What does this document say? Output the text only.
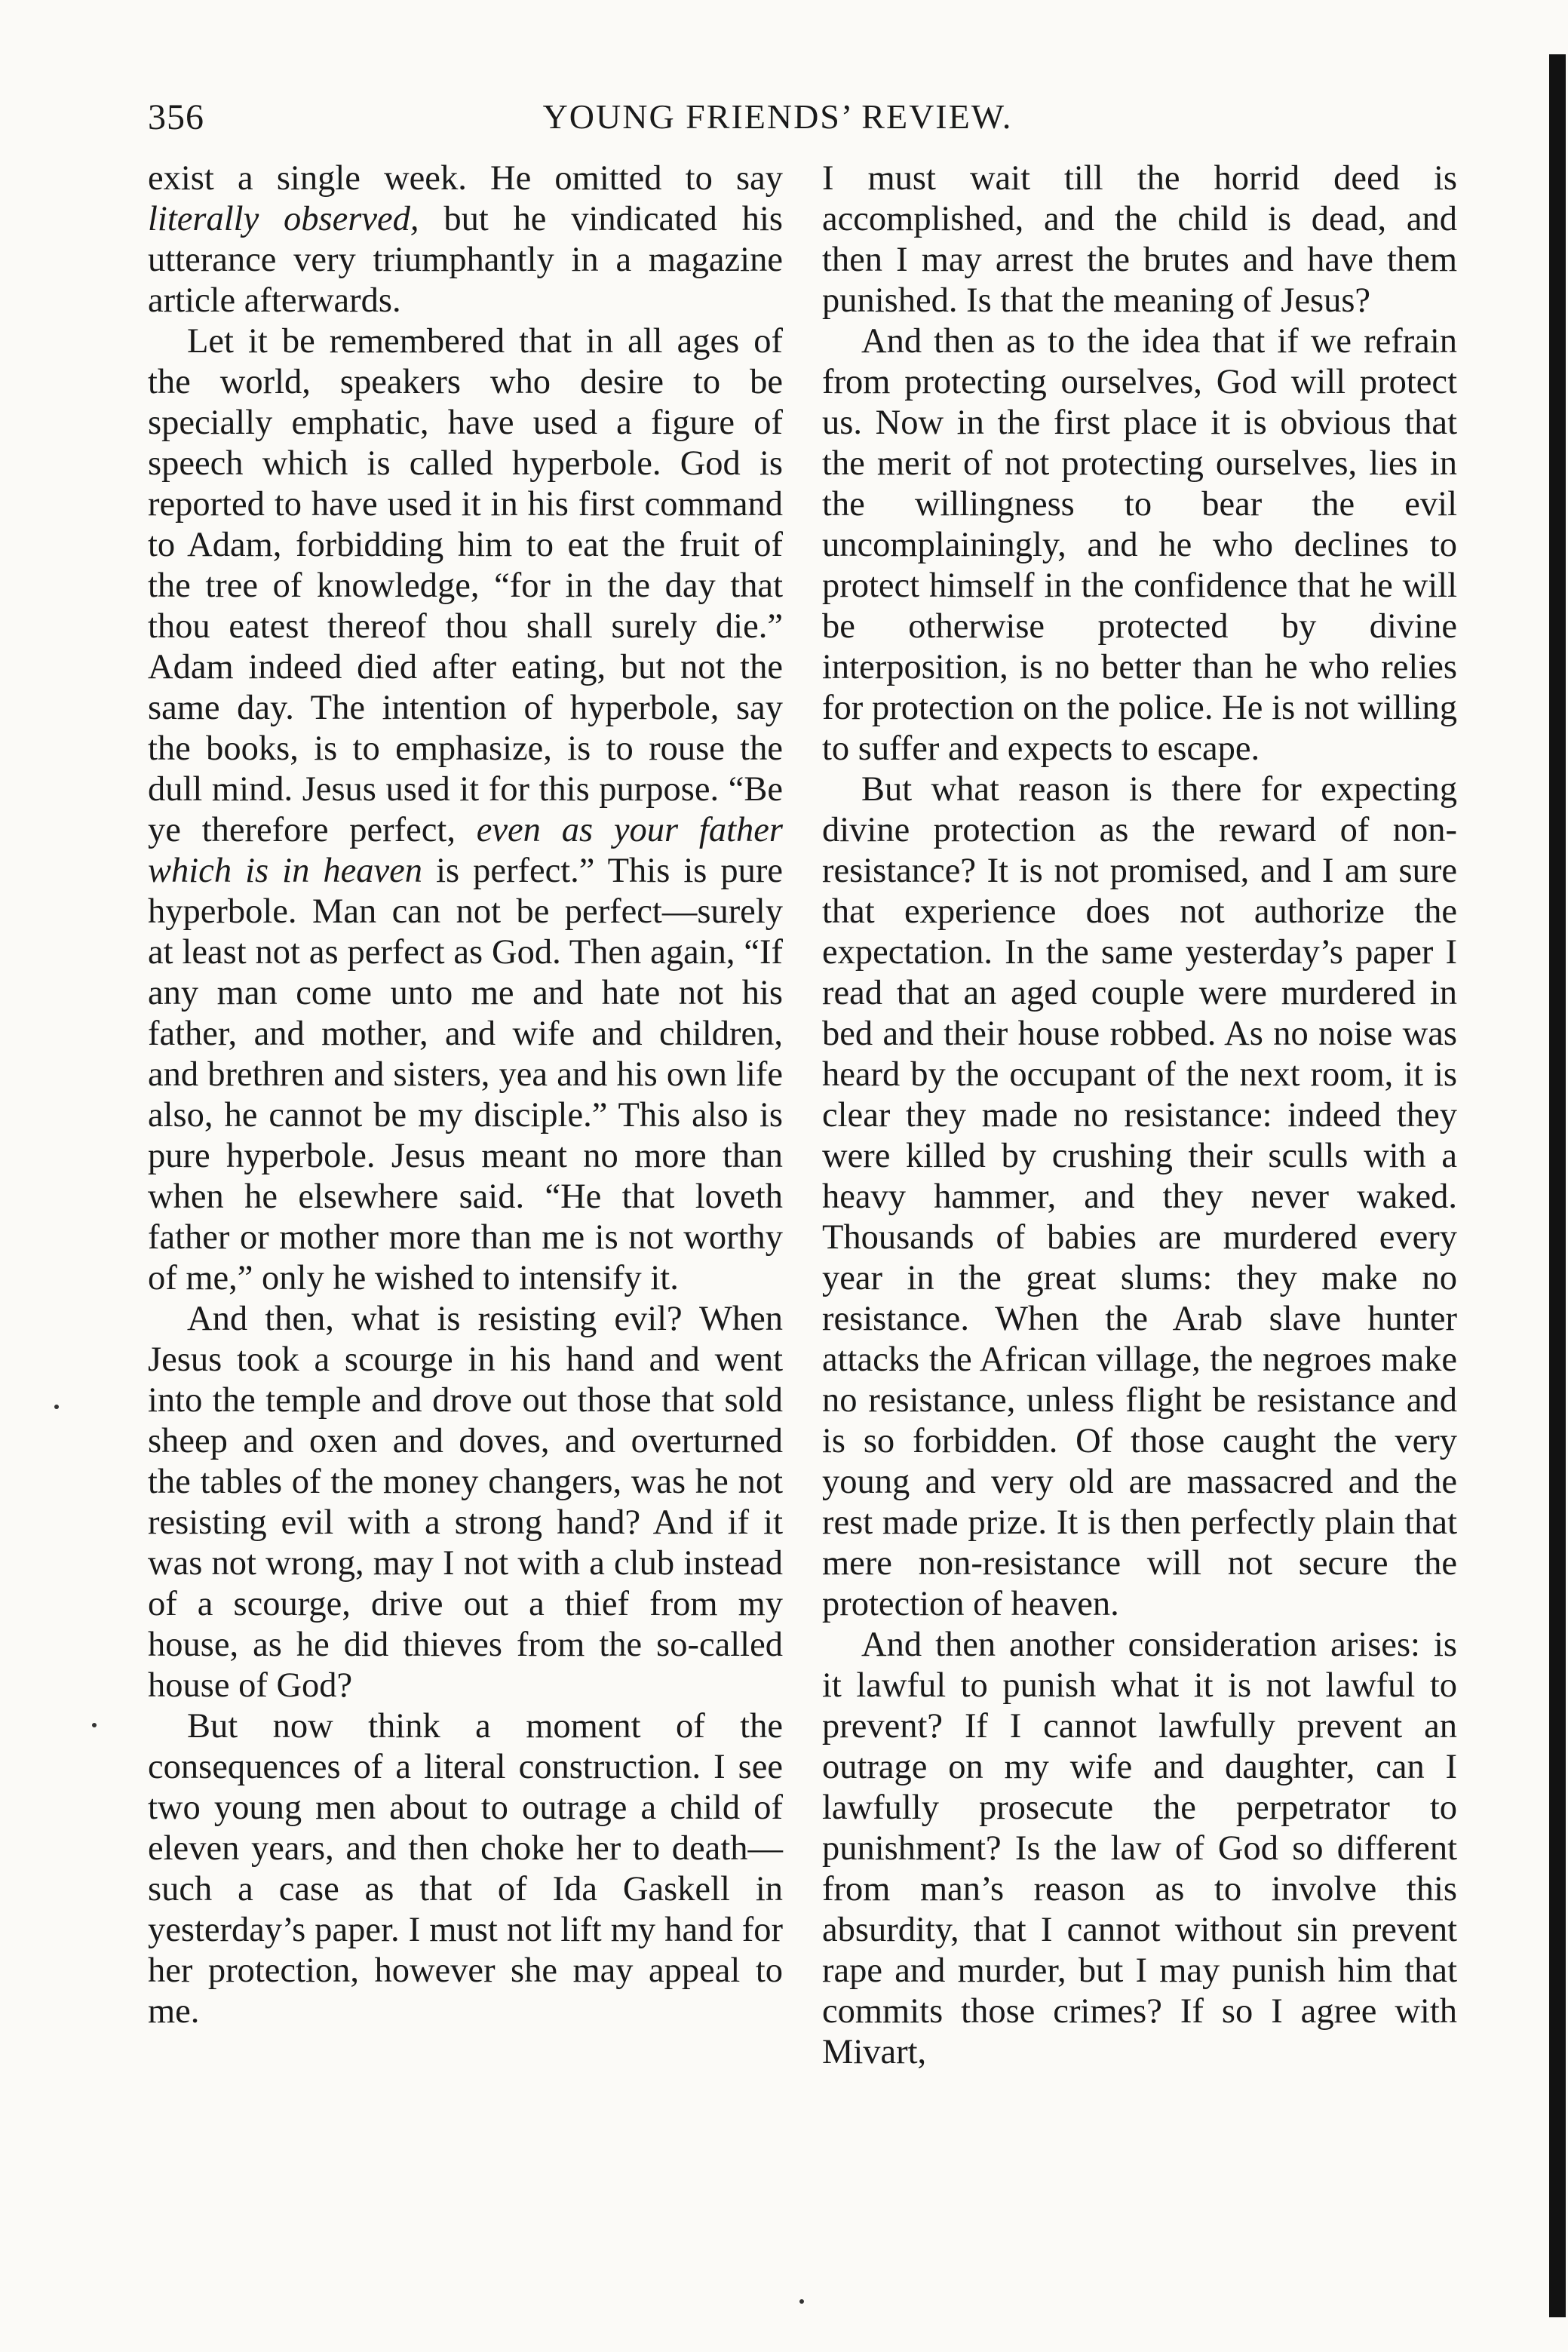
356	YOUNG FRIENDS’ REVIEW.

exist a single week. He omitted to say literally observed, but he vindicated his utterance very triumphantly in a magazine article afterwards.

Let it be remembered that in all ages of the world, speakers who desire to be specially emphatic, have used a figure of speech which is called hyperbole. God is reported to have used it in his first command to Adam, forbidding him to eat the fruit of the tree of knowledge, “for in the day that thou eatest thereof thou shall surely die.” Adam indeed died after eating, but not the same day. The intention of hyperbole, say the books, is to emphasize, is to rouse the dull mind. Jesus used it for this purpose. “Be ye therefore perfect, even as your father which is in heaven is perfect.” This is pure hyperbole. Man can not be perfect—surely at least not as perfect as God. Then again, “If any man come unto me and hate not his father, and mother, and wife and children, and brethren and sisters, yea and his own life also, he cannot be my disciple.” This also is pure hyperbole. Jesus meant no more than when he elsewhere said. “He that loveth father or mother more than me is not worthy of me,” only he wished to intensify it.

And then, what is resisting evil? When Jesus took a scourge in his hand and went into the temple and drove out those that sold sheep and oxen and doves, and overturned the tables of the money changers, was he not resisting evil with a strong hand? And if it was not wrong, may I not with a club instead of a scourge, drive out a thief from my house, as he did thieves from the so-called house of God?

But now think a moment of the consequences of a literal construction. I see two young men about to outrage a child of eleven years, and then choke her to death—such a case as that of Ida Gaskell in yesterday’s paper. I must not lift my hand for her protection, however she may appeal to me.

I must wait till the horrid deed is accomplished, and the child is dead, and then I may arrest the brutes and have them punished. Is that the meaning of Jesus?

And then as to the idea that if we refrain from protecting ourselves, God will protect us. Now in the first place it is obvious that the merit of not protecting ourselves, lies in the willingness to bear the evil uncomplainingly, and he who declines to protect himself in the confidence that he will be otherwise protected by divine interposition, is no better than he who relies for protection on the police. He is not willing to suffer and expects to escape.

But what reason is there for expecting divine protection as the reward of non-resistance? It is not promised, and I am sure that experience does not authorize the expectation. In the same yesterday’s paper I read that an aged couple were murdered in bed and their house robbed. As no noise was heard by the occupant of the next room, it is clear they made no resistance: indeed they were killed by crushing their sculls with a heavy hammer, and they never waked. Thousands of babies are murdered every year in the great slums: they make no resistance. When the Arab slave hunter attacks the African village, the negroes make no resistance, unless flight be resistance and is so forbidden. Of those caught the very young and very old are massacred and the rest made prize. It is then perfectly plain that mere non-resistance will not secure the protection of heaven.

And then another consideration arises: is it lawful to punish what it is not lawful to prevent? If I cannot lawfully prevent an outrage on my wife and daughter, can I lawfully prosecute the perpetrator to punishment? Is the law of God so different from man’s reason as to involve this absurdity, that I cannot without sin prevent rape and murder, but I may punish him that commits those crimes? If so I agree with Mivart,
